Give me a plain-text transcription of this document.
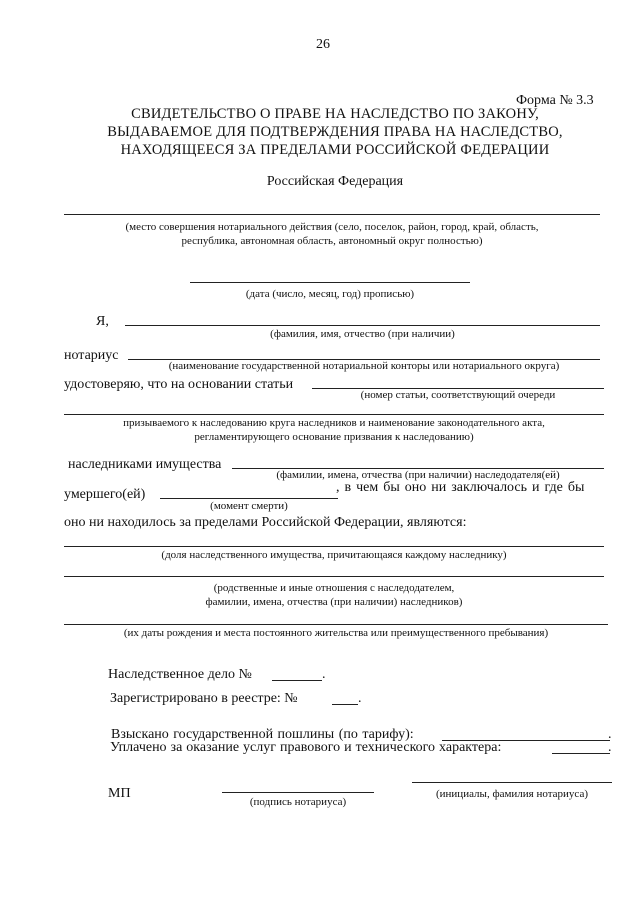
26
Форма № 3.3
СВИДЕТЕЛЬСТВО О ПРАВЕ НА НАСЛЕДСТВО ПО ЗАКОНУ,
ВЫДАВАЕМОЕ ДЛЯ ПОДТВЕРЖДЕНИЯ ПРАВА НА НАСЛЕДСТВО,
НАХОДЯЩЕЕСЯ ЗА ПРЕДЕЛАМИ РОССИЙСКОЙ ФЕДЕРАЦИИ
Российская Федерация
(место совершения нотариального действия (село, поселок, район, город, край, область,
республика, автономная область, автономный округ полностью)
(дата (число, месяц, год) прописью)
Я,
(фамилия, имя, отчество (при наличии)
нотариус
(наименование государственной нотариальной конторы или нотариального округа)
удостоверяю, что на основании статьи
(номер статьи, соответствующий очереди
призываемого к наследованию круга наследников и наименование законодательного акта,
регламентирующего основание призвания к наследованию)
наследниками имущества
(фамилии, имена, отчества (при наличии) наследодателя(ей)
умершего(ей)	, в чем бы оно ни заключалось и где бы
(момент смерти)
оно ни находилось за пределами Российской Федерации, являются:
(доля наследственного имущества, причитающаяся каждому наследнику)
(родственные и иные отношения с наследодателем,
фамилии, имена, отчества (при наличии) наследников)
(их даты рождения и места постоянного жительства или преимущественного пребывания)
Наследственное дело №	.
Зарегистрировано в реестре: №	.
Взыскано государственной пошлины (по тарифу):	.
Уплачено за оказание услуг правового и технического характера:	.
МП
(подпись нотариуса)
(инициалы, фамилия нотариуса)
